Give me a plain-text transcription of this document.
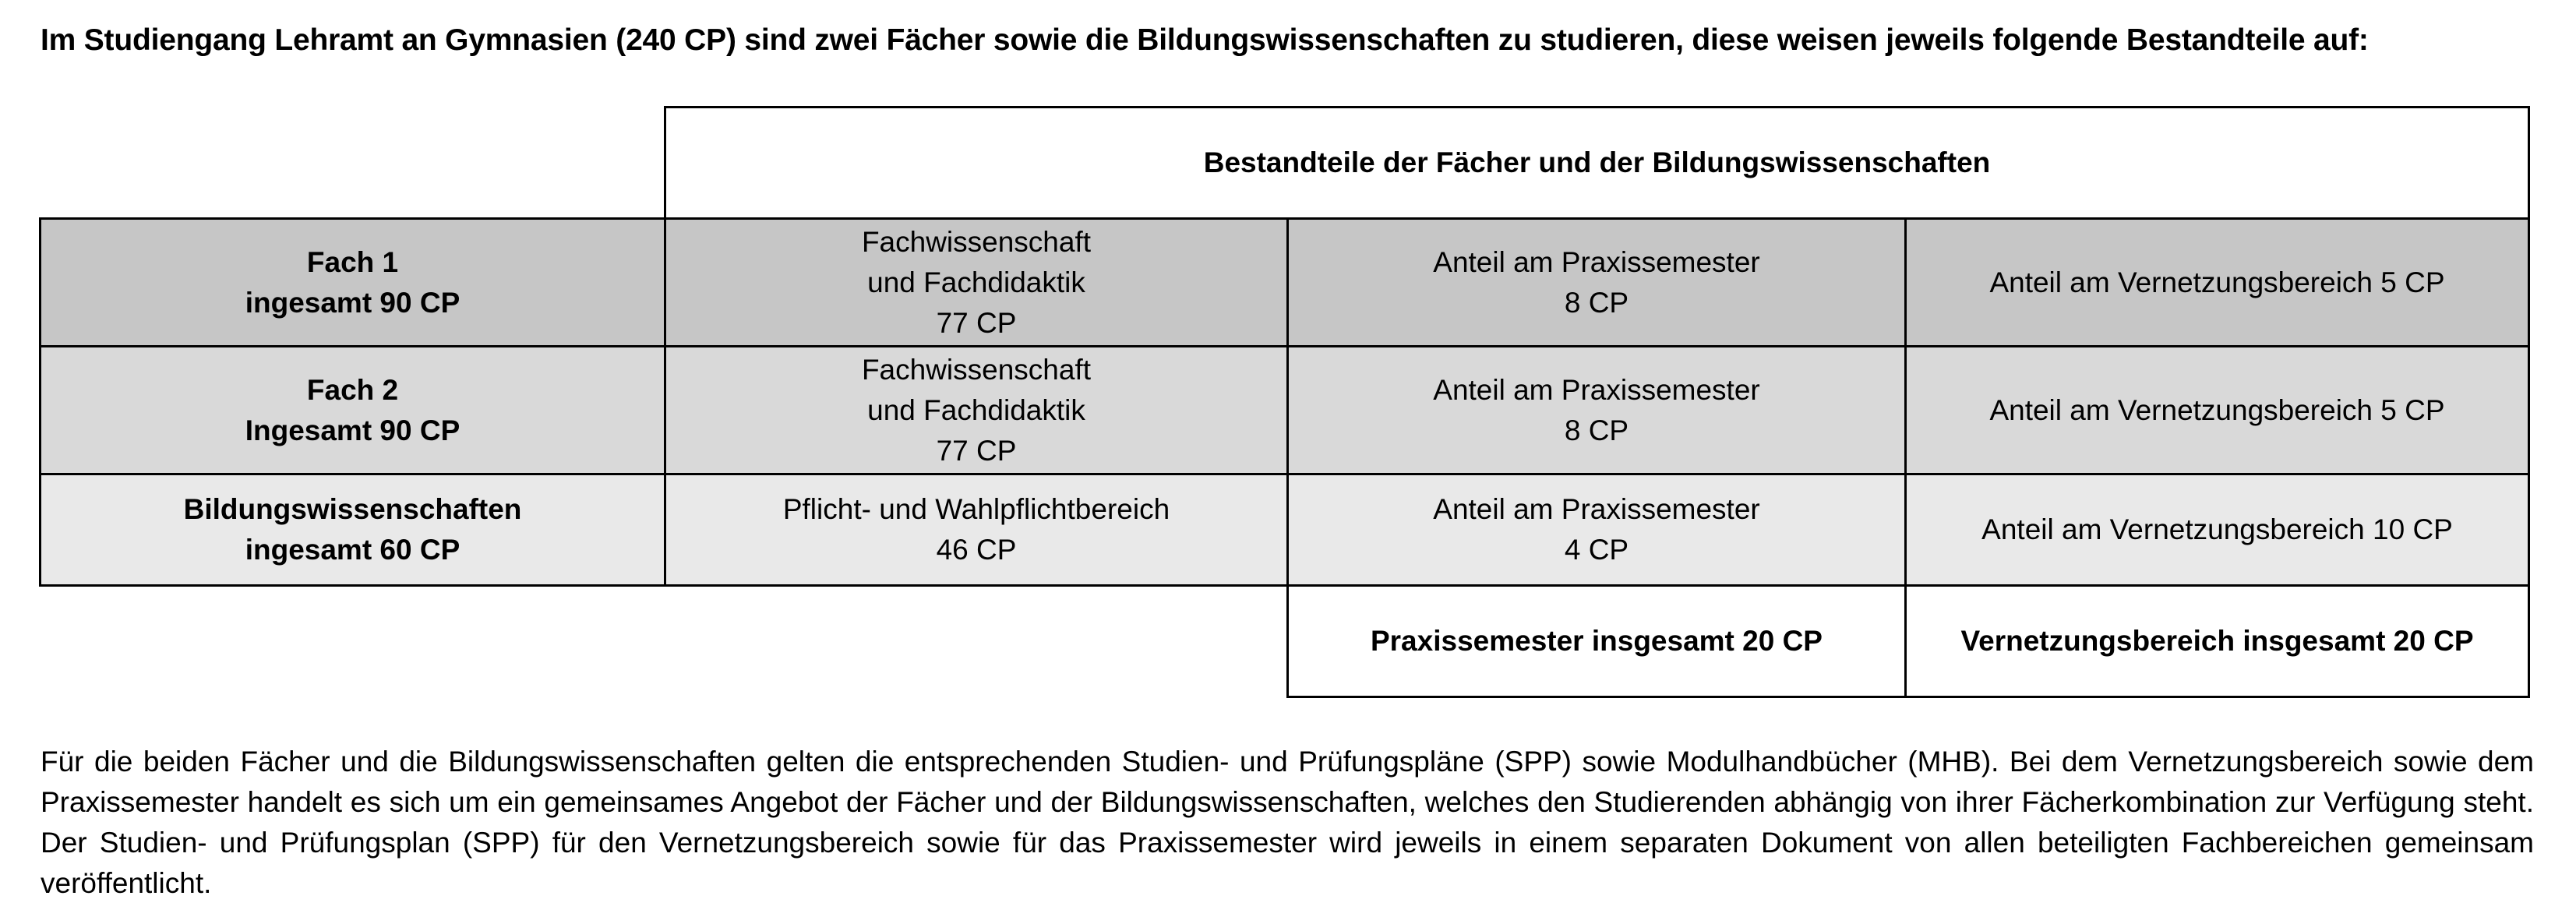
Im Studiengang Lehramt an Gymnasien (240 CP) sind zwei Fächer sowie die Bildungswissenschaften zu studieren, diese weisen jeweils folgende Bestandteile auf:
Bestandteile der Fächer und der Bildungswissenschaften
Fach 1
ingesamt 90 CP
Fachwissenschaft
und Fachdidaktik
77 CP
Anteil am Praxissemester
8 CP
Anteil am Vernetzungsbereich 5 CP
Fach 2
Ingesamt 90 CP
Fachwissenschaft
und Fachdidaktik
77 CP
Anteil am Praxissemester
8 CP
Anteil am Vernetzungsbereich 5 CP
Bildungswissenschaften
ingesamt 60 CP
Pflicht- und Wahlpflichtbereich
46 CP
Anteil am Praxissemester
4 CP
Anteil am Vernetzungsbereich 10 CP
Praxissemester insgesamt 20 CP	Vernetzungsbereich insgesamt 20 CP
Für die beiden Fächer und die Bildungswissenschaften gelten die entsprechenden Studien- und Prüfungspläne (SPP) sowie Modulhandbücher (MHB). Bei dem Vernetzungsbereich sowie dem Praxissemester handelt es sich um ein gemeinsames Angebot der Fächer und der Bildungswissenschaften, welches den Studierenden abhängig von ihrer Fächerkombination zur Verfügung steht. Der Studien- und Prüfungsplan (SPP) für den Vernetzungsbereich sowie für das Praxissemester wird jeweils in einem separaten Dokument von allen beteiligten Fachbereichen gemeinsam veröffentlicht.
